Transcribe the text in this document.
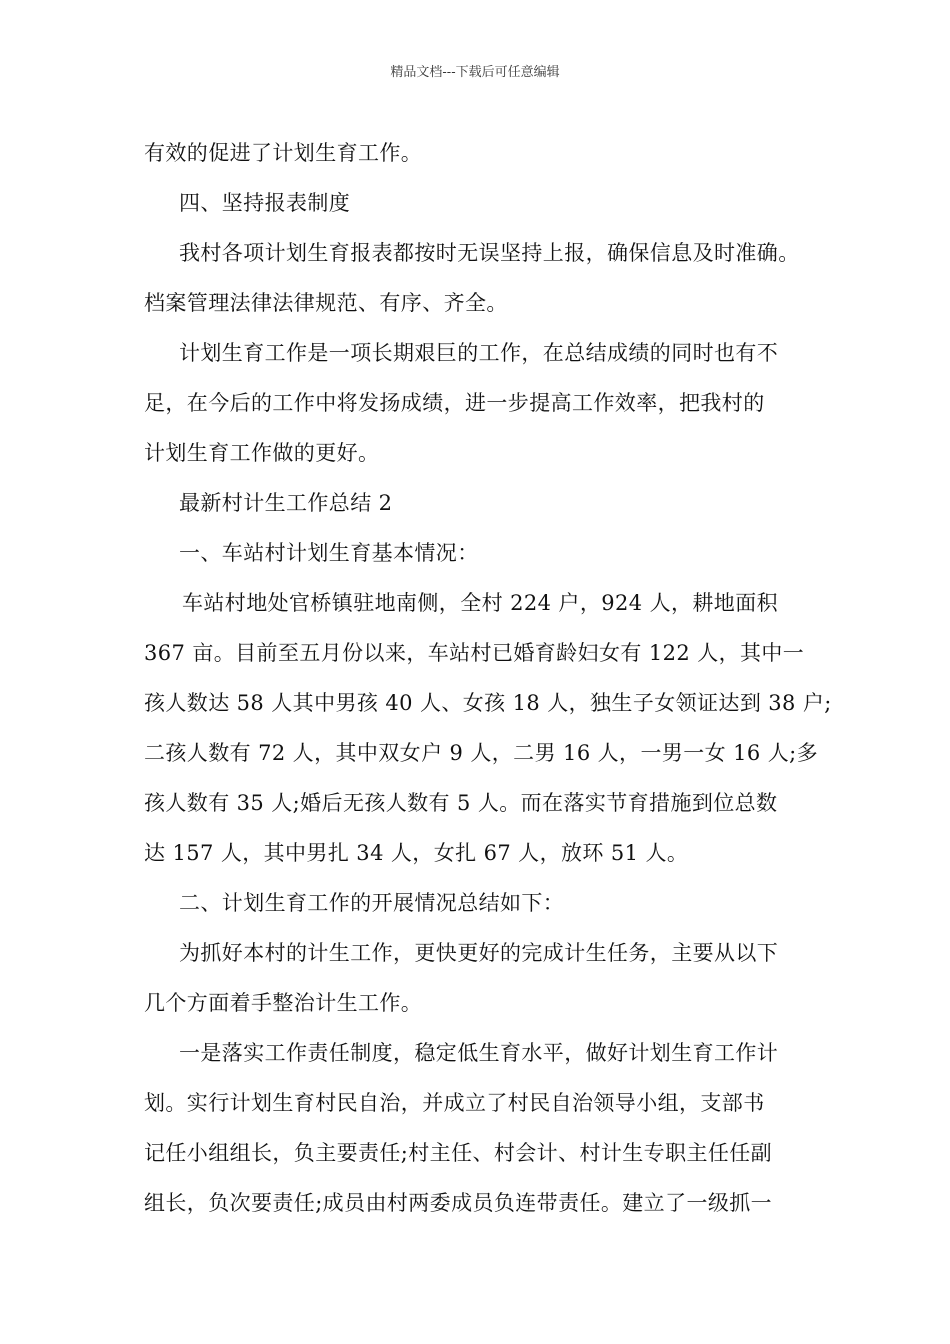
精品文档---下载后可任意编辑

有效的促进了计划生育工作。

四、坚持报表制度

我村各项计划生育报表都按时无误坚持上报，确保信息及时准确。
档案管理法律法律规范、有序、齐全。

计划生育工作是一项长期艰巨的工作，在总结成绩的同时也有不
足，在今后的工作中将发扬成绩，进一步提高工作效率，把我村的
计划生育工作做的更好。

最新村计生工作总结 2

一、车站村计划生育基本情况：

车站村地处官桥镇驻地南侧，全村 224 户，924 人，耕地面积
367 亩。目前至五月份以来，车站村已婚育龄妇女有 122 人，其中一
孩人数达 58 人其中男孩 40 人、女孩 18 人，独生子女领证达到 38 户;
二孩人数有 72 人，其中双女户 9 人，二男 16 人，一男一女 16 人;多
孩人数有 35 人;婚后无孩人数有 5 人。而在落实节育措施到位总数
达 157 人，其中男扎 34 人，女扎 67 人，放环 51 人。

二、计划生育工作的开展情况总结如下：

为抓好本村的计生工作，更快更好的完成计生任务，主要从以下
几个方面着手整治计生工作。

一是落实工作责任制度，稳定低生育水平，做好计划生育工作计
划。实行计划生育村民自治，并成立了村民自治领导小组，支部书
记任小组组长，负主要责任;村主任、村会计、村计生专职主任任副
组长，负次要责任;成员由村两委成员负连带责任。建立了一级抓一
